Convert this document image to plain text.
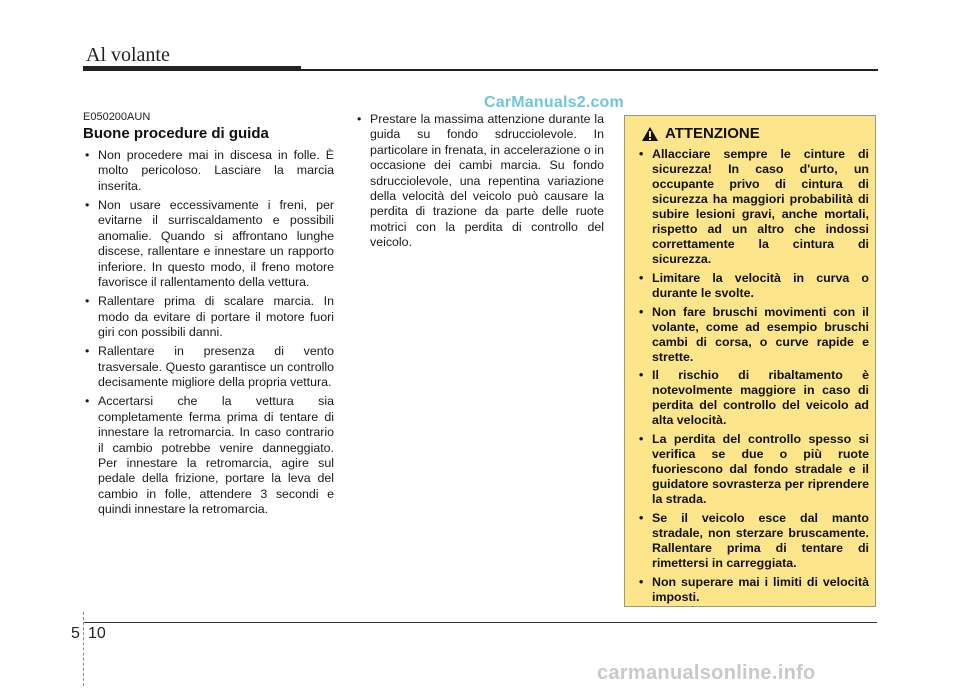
Al volante
CarManuals2.com
E050200AUN
Buone procedure di guida
• Non procedere mai in discesa in folle. È molto pericoloso. Lasciare la marcia inserita.
• Non usare eccessivamente i freni, per evitarne il surriscaldamento e possibili anomalie. Quando si affrontano lunghe discese, rallentare e innestare un rapporto inferiore. In questo modo, il freno motore favorisce il rallentamento della vettura.
• Rallentare prima di scalare marcia. In modo da evitare di portare il motore fuori giri con possibili danni.
• Rallentare in presenza di vento trasversale. Questo garantisce un controllo decisamente migliore della propria vettura.
• Accertarsi che la vettura sia completamente ferma prima di tentare di innestare la retromarcia. In caso contrario il cambio potrebbe venire danneggiato. Per innestare la retromarcia, agire sul pedale della frizione, portare la leva del cambio in folle, attendere 3 secondi e quindi innestare la retromarcia.
• Prestare la massima attenzione durante la guida su fondo sdrucciolevole. In particolare in frenata, in accelerazione o in occasione dei cambi marcia. Su fondo sdrucciolevole, una repentina variazione della velocità del veicolo può causare la perdita di trazione da parte delle ruote motrici con la perdita di controllo del veicolo.
ATTENZIONE
• Allacciare sempre le cinture di sicurezza! In caso d'urto, un occupante privo di cintura di sicurezza ha maggiori probabilità di subire lesioni gravi, anche mortali, rispetto ad un altro che indossi correttamente la cintura di sicurezza.
• Limitare la velocità in curva o durante le svolte.
• Non fare bruschi movimenti con il volante, come ad esempio bruschi cambi di corsa, o curve rapide e strette.
• Il rischio di ribaltamento è notevolmente maggiore in caso di perdita del controllo del veicolo ad alta velocità.
• La perdita del controllo spesso si verifica se due o più ruote fuoriescono dal fondo stradale e il guidatore sovrasterza per riprendere la strada.
• Se il veicolo esce dal manto stradale, non sterzare bruscamente. Rallentare prima di tentare di rimettersi in carreggiata.
• Non superare mai i limiti di velocità imposti.
5 10
carmanualsonline.info
